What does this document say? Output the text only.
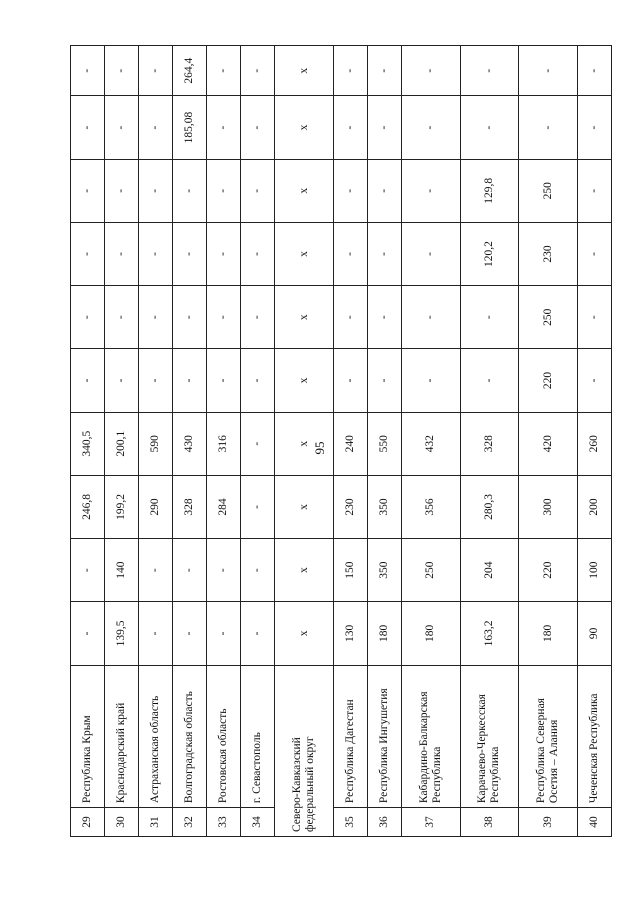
95
29	Республика Крым	-	-	246,8	340,5	-	-	-	-	-	-
30	Краснодарский край	139,5	140	199,2	200,1	-	-	-	-	-	-
31	Астраханская область	-	-	290	590	-	-	-	-	-	-
32	Волгоградская область	-	-	328	430	-	-	-	-	185,08	264,4
33	Ростовская область	-	-	284	316	-	-	-	-	-	-
34	г. Севастополь	-	-	-	-	-	-	-	-	-	-
Северо-Кавказский федеральный округ		x	x	x	x	x	x	x	x	x	x
35	Республика Дагестан	130	150	230	240	-	-	-	-	-	-
36	Республика Ингушетия	180	350	350	550	-	-	-	-	-	-
37	Кабардино-Балкарская Республика	180	250	356	432	-	-	-	-	-	-
38	Карачаево-Черкесская Республика	163,2	204	280,3	328	-	-	120,2	129,8	-	-
39	Республика Северная Осетия – Алания	180	220	300	420	220	250	230	250	-	-
40	Чеченская Республика	90	100	200	260	-	-	-	-	-	-
